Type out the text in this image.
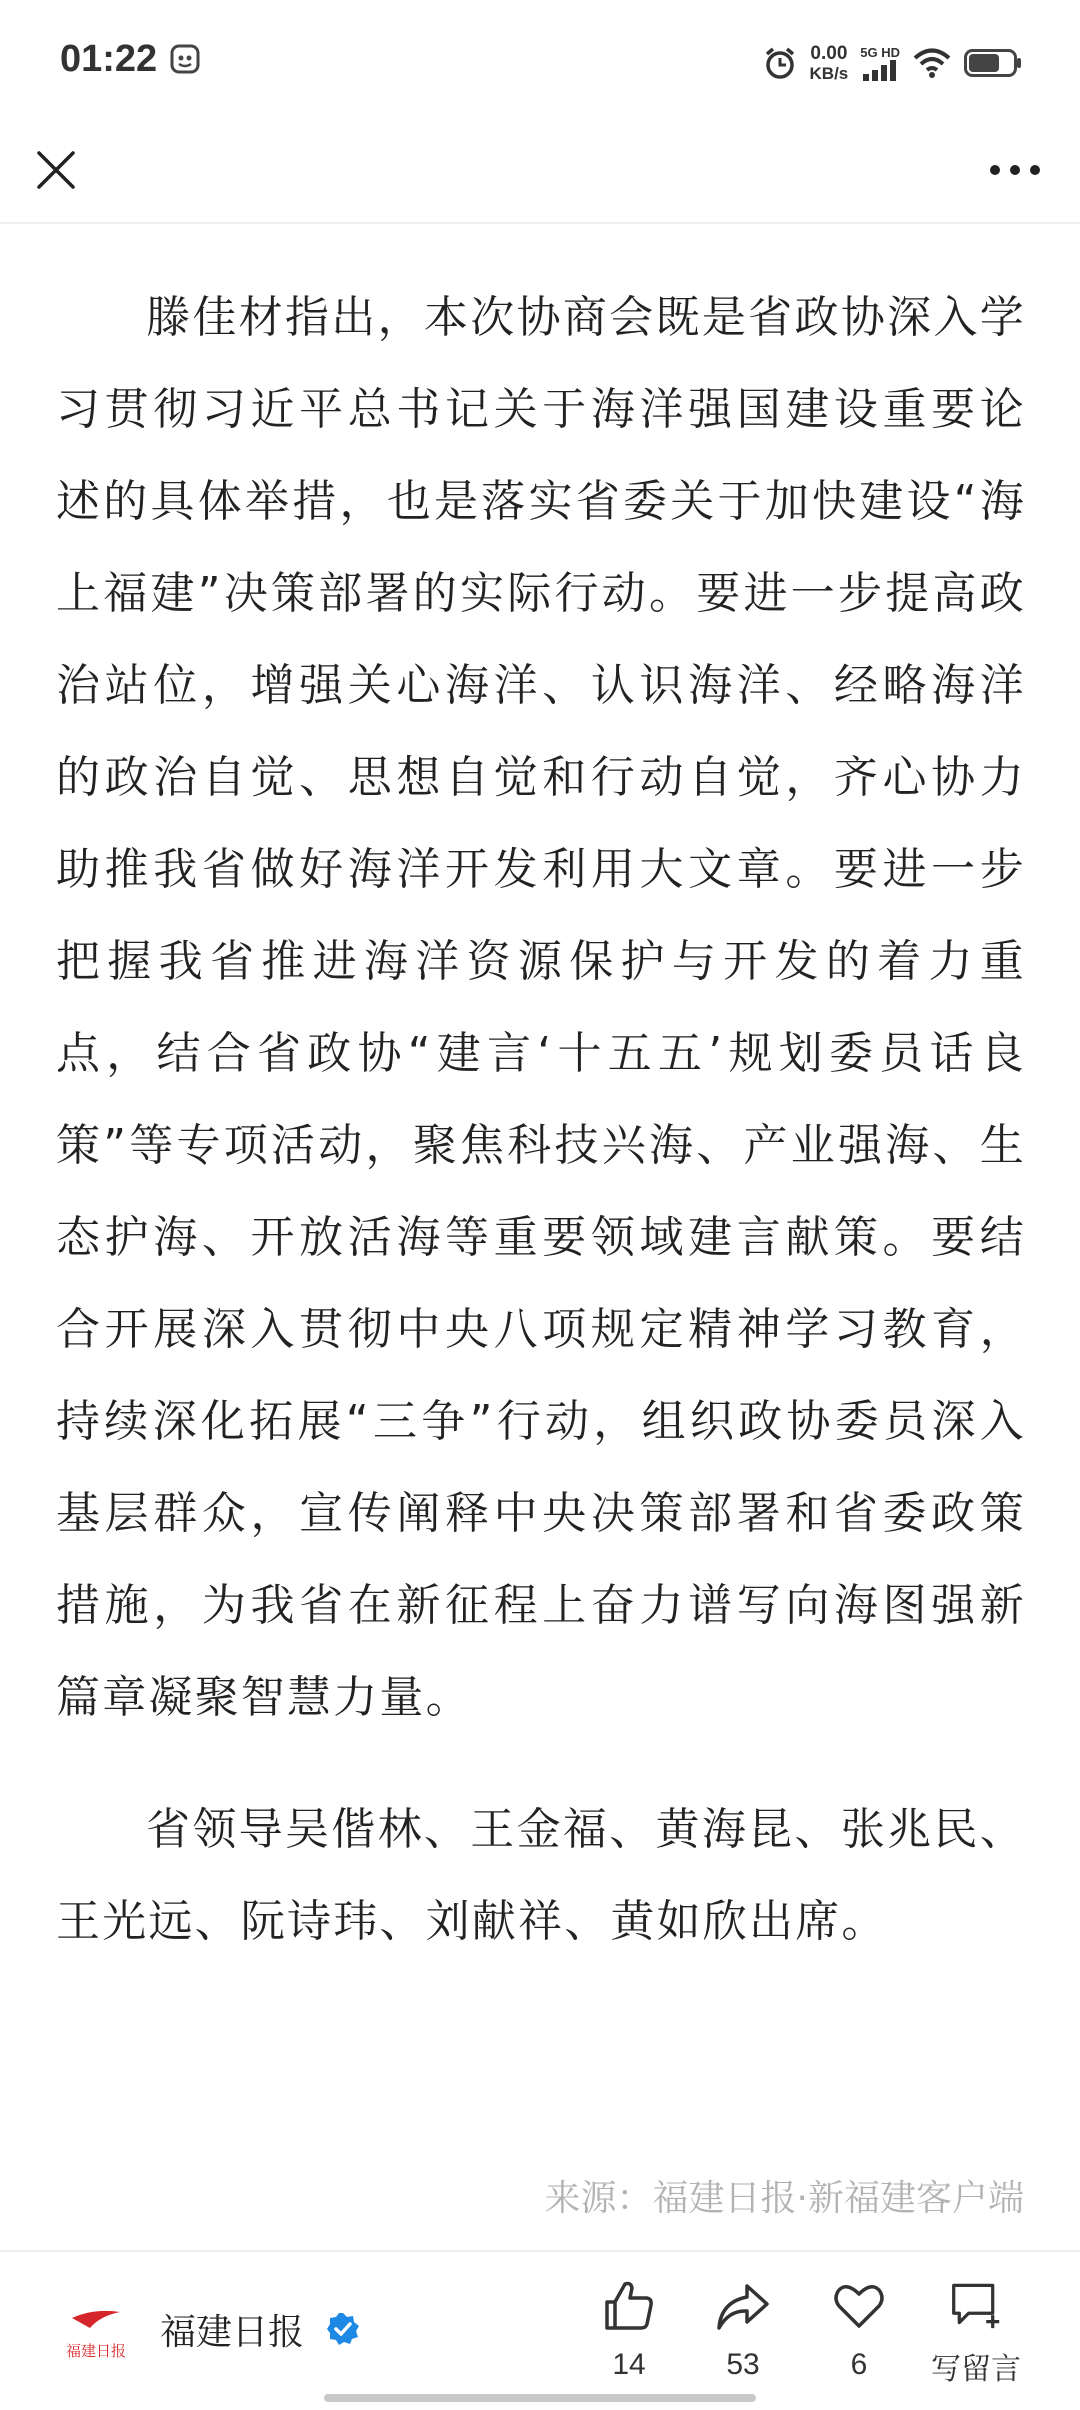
01:22	0.00
KB/s
5G HD

滕佳材指出，本次协商会既是省政协深入学习贯彻习近平总书记关于海洋强国建设重要论述的具体举措，也是落实省委关于加快建设“海上福建”决策部署的实际行动。要进一步提高政治站位，增强关心海洋、认识海洋、经略海洋的政治自觉、思想自觉和行动自觉，齐心协力助推我省做好海洋开发利用大文章。要进一步把握我省推进海洋资源保护与开发的着力重点，结合省政协“建言‘十五五’规划委员话良策”等专项活动，聚焦科技兴海、产业强海、生态护海、开放活海等重要领域建言献策。要结合开展深入贯彻中央八项规定精神学习教育，持续深化拓展“三争”行动，组织政协委员深入基层群众，宣传阐释中央决策部署和省委政策措施，为我省在新征程上奋力谱写向海图强新篇章凝聚智慧力量。

省领导吴偕林、王金福、黄海昆、张兆民、王光远、阮诗玮、刘献祥、黄如欣出席。

来源：福建日报·新福建客户端
福建日报 福建日报
14	53	6 写留言
